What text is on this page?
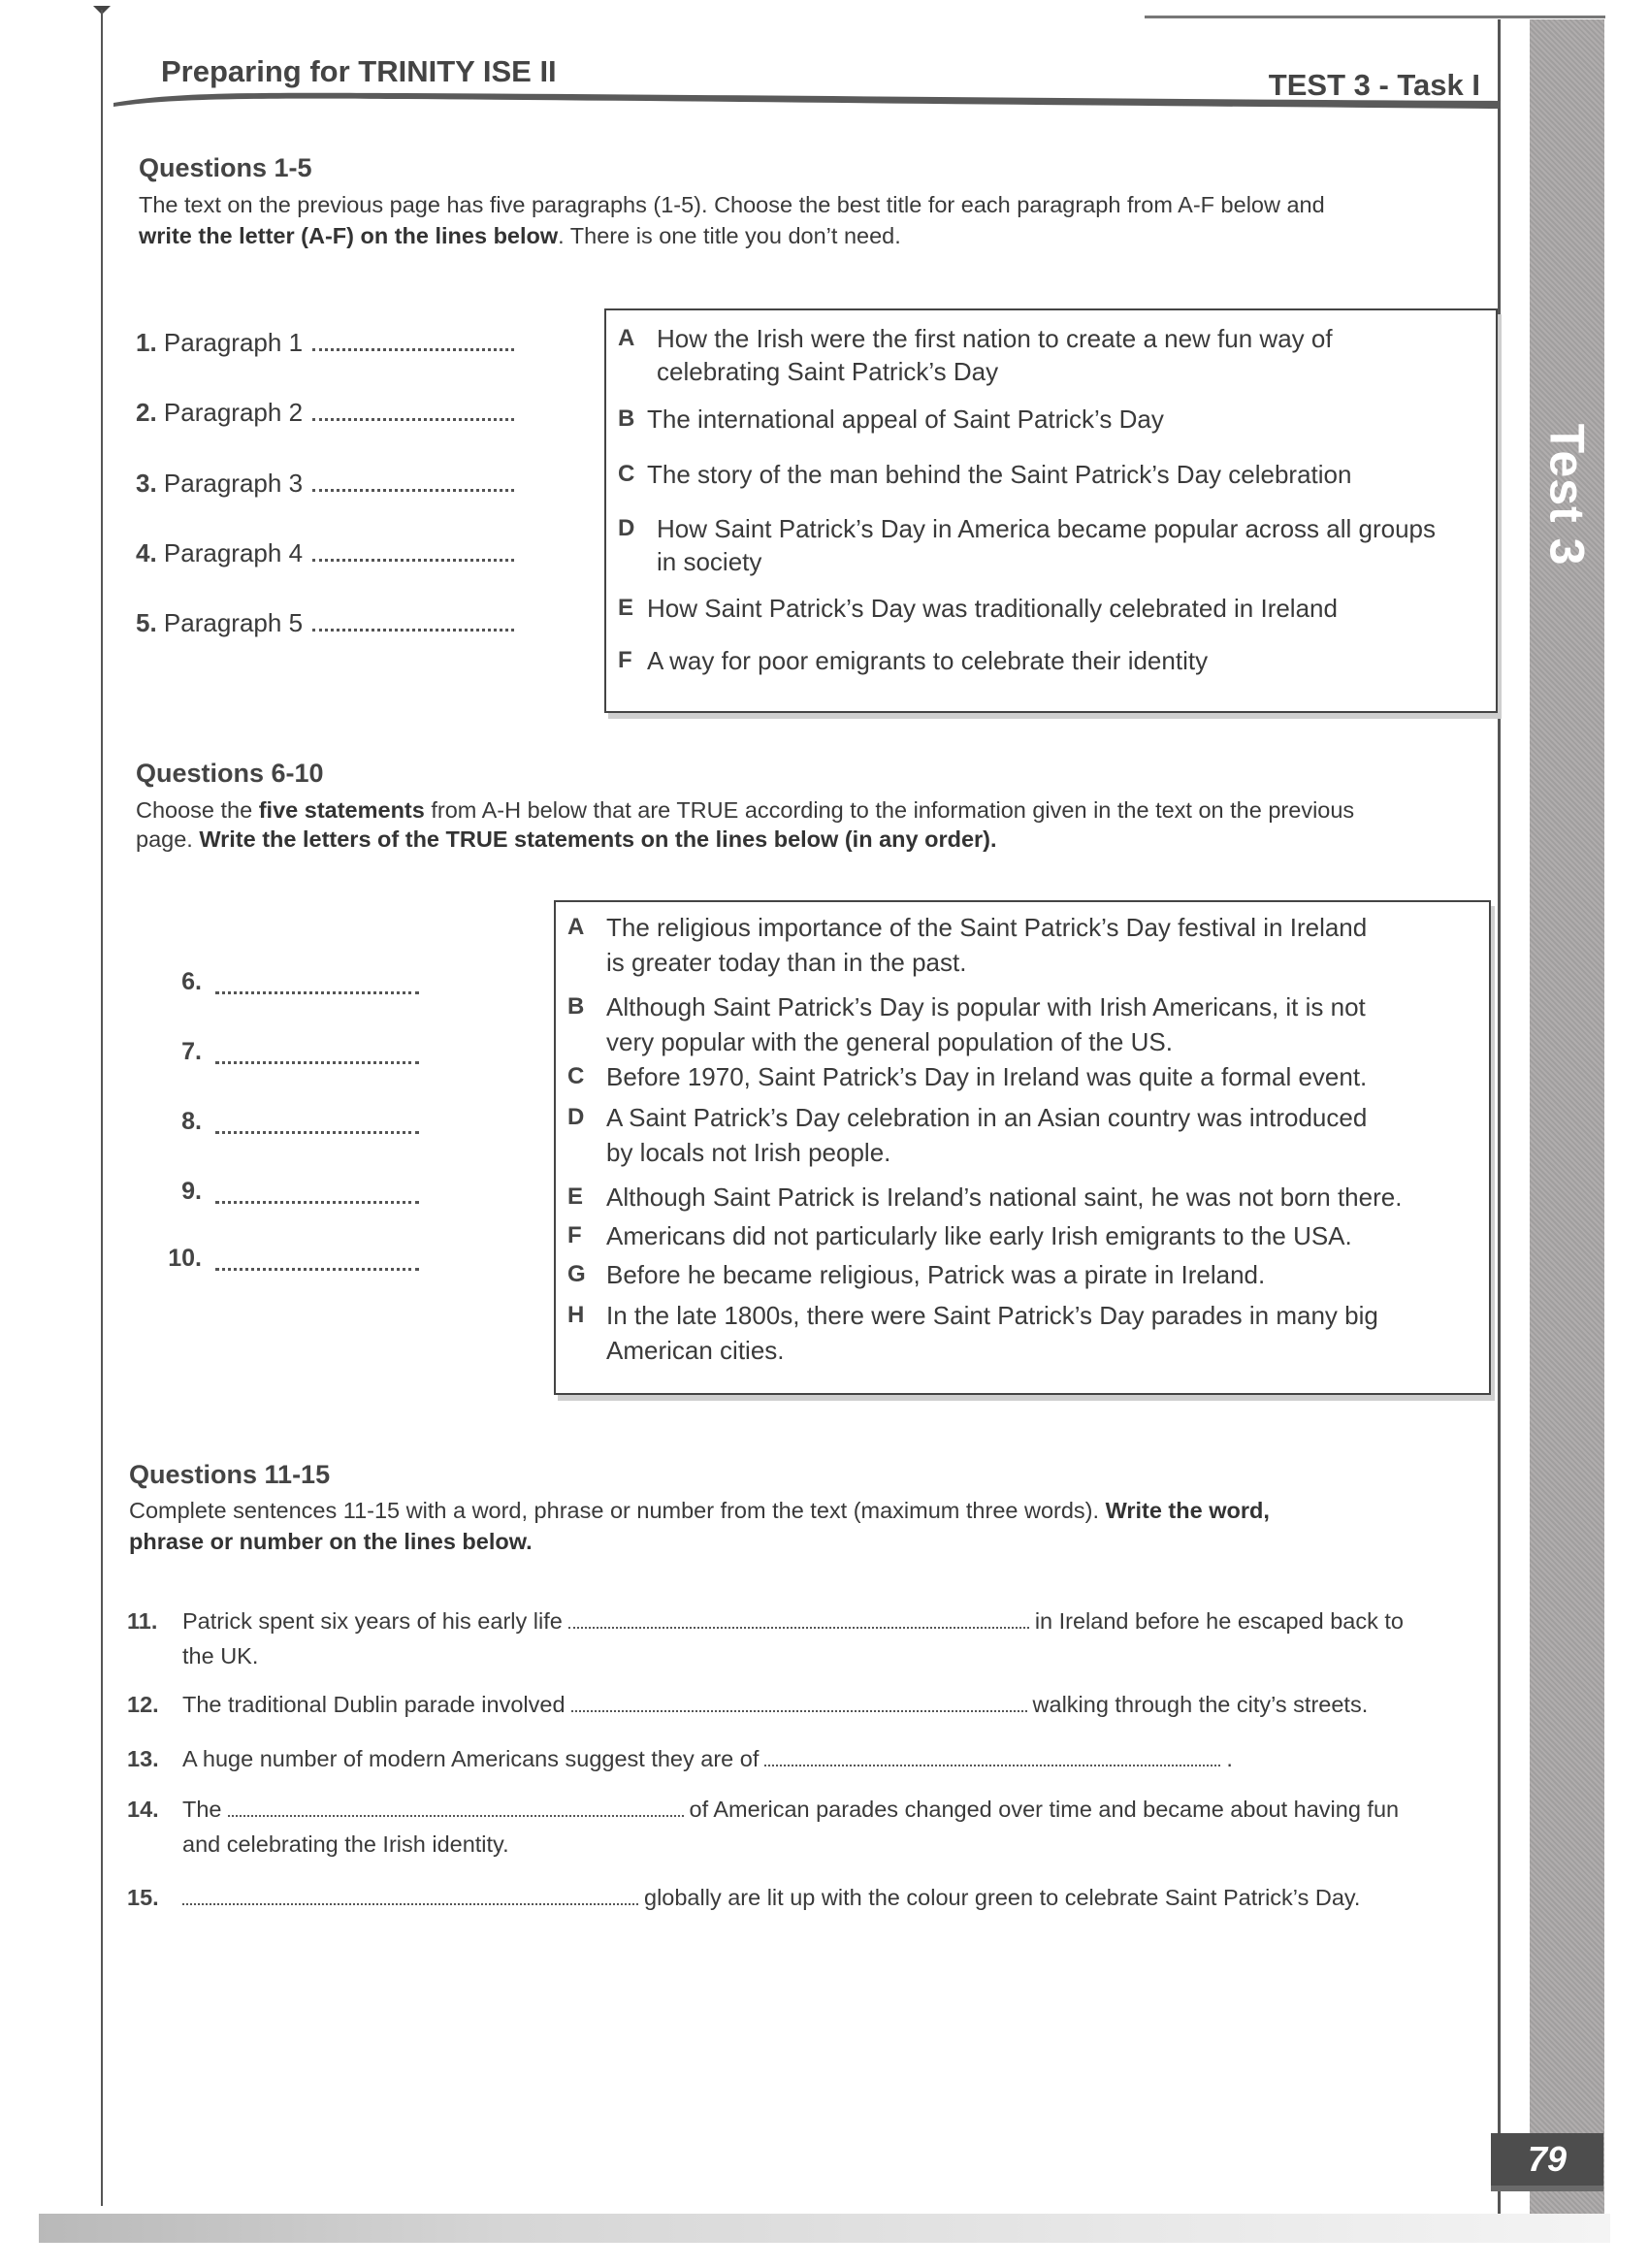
Test 3
79
Preparing for TRINITY ISE II	TEST 3 - Task I
Questions 1-5
The text on the previous page has five paragraphs (1-5). Choose the best title for each paragraph from A-F below and
write the letter (A-F) on the lines below. There is one title you don’t need.
1. Paragraph 1
2. Paragraph 2
3. Paragraph 3
4. Paragraph 4
5. Paragraph 5
A How the Irish were the first nation to create a new fun way of
celebrating Saint Patrick’s Day
B The international appeal of Saint Patrick’s Day
C The story of the man behind the Saint Patrick’s Day celebration
D How Saint Patrick’s Day in America became popular across all groups
in society
E How Saint Patrick’s Day was traditionally celebrated in Ireland
F A way for poor emigrants to celebrate their identity
Questions 6-10
Choose the five statements from A-H below that are TRUE according to the information given in the text on the previous
page. Write the letters of the TRUE statements on the lines below (in any order).
6.
7.
8.
9.
10.
A The religious importance of the Saint Patrick’s Day festival in Ireland
is greater today than in the past.
B Although Saint Patrick’s Day is popular with Irish Americans, it is not
very popular with the general population of the US.
C Before 1970, Saint Patrick’s Day in Ireland was quite a formal event.
D A Saint Patrick’s Day celebration in an Asian country was introduced
by locals not Irish people.
E Although Saint Patrick is Ireland’s national saint, he was not born there.
F Americans did not particularly like early Irish emigrants to the USA.
G Before he became religious, Patrick was a pirate in Ireland.
H In the late 1800s, there were Saint Patrick’s Day parades in many big
American cities.
Questions 11-15
Complete sentences 11-15 with a word, phrase or number from the text (maximum three words). Write the word,
phrase or number on the lines below.
11. Patrick spent six years of his early life	in Ireland before he escaped back to
the UK.
12. The traditional Dublin parade involved	walking through the city’s streets.
13. A huge number of modern Americans suggest they are of	.
14. The	of American parades changed over time and became about having fun
and celebrating the Irish identity.
15.	globally are lit up with the colour green to celebrate Saint Patrick’s Day.
